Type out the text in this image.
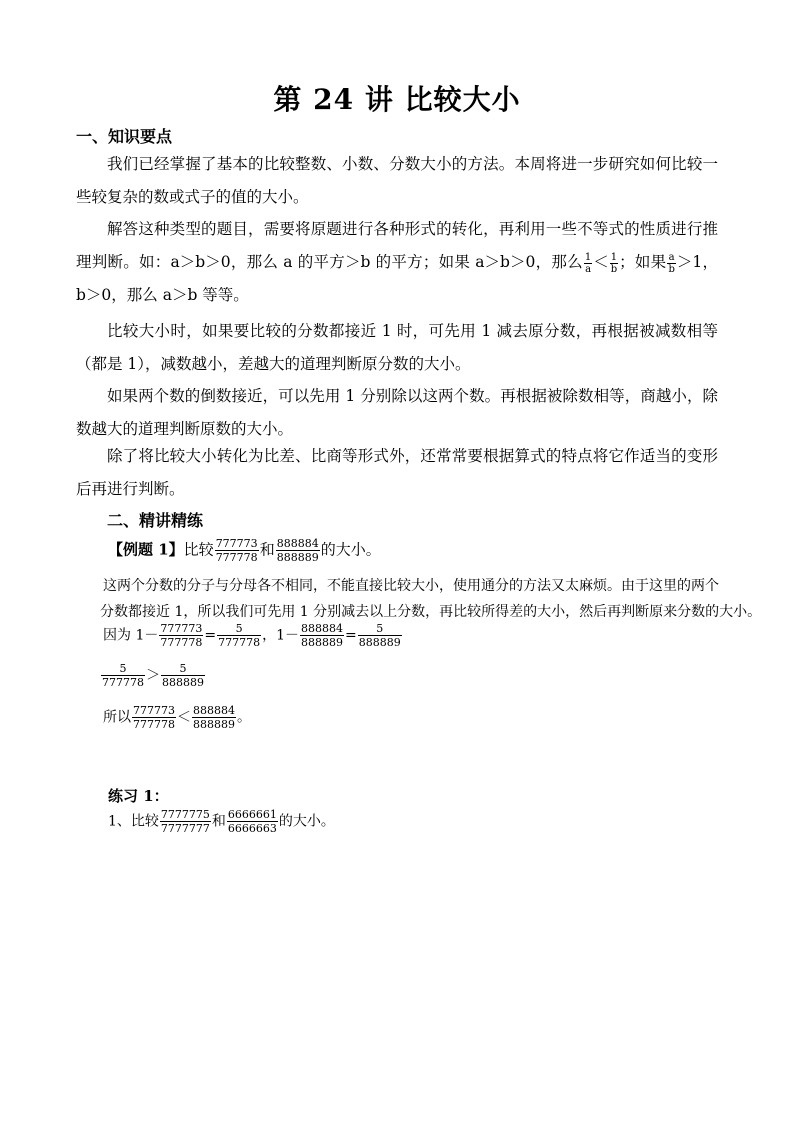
第 24 讲 比较大小
一、知识要点
我们已经掌握了基本的比较整数、小数、分数大小的方法。本周将进一步研究如何比较一些较复杂的数或式子的值的大小。
解答这种类型的题目，需要将原题进行各种形式的转化，再利用一些不等式的性质进行推理判断。如：a＞b＞0，那么 a 的平方＞b 的平方；如果 a＞b＞0，那么 $\frac{1}{a} < \frac{1}{b}$ ；如果 $\frac{a}{b} >1$，b＞0，那么 a＞b 等等。
比较大小时，如果要比较的分数都接近 1 时，可先用 1 减去原分数，再根据被减数相等（都是 1），减数越小，差越大的道理判断原分数的大小。
如果两个数的倒数接近，可以先用 1 分别除以这两个数。再根据被除数相等，商越小，除数越大的道理判断原数的大小。
除了将比较大小转化为比差、比商等形式外，还常常要根据算式的特点将它作适当的变形后再进行判断。
二、精讲精练
【例题 1】比较 $\frac{777773}{777778}$ 和 $\frac{888884}{888889}$ 的大小。

这两个分数的分子与分母各不相同，不能直接比较大小，使用通分的方法又太麻烦。由于这里的两个

分数都接近 1，所以我们可先用 1 分别减去以上分数，再比较所得差的大小，然后再判断原来分数的大小。

因为 $1- \frac{777773}{777778} = \frac{5}{777778}$ ，$1- \frac{888884}{888889} = \frac{5}{888889}$
$\frac{5}{777778} > \frac{5}{888889}$
所以 $\frac{777773}{777778} < \frac{888884}{888889}$ 。
练习 1：
1、比较 $\frac{7777775}{7777777}$ 和 $\frac{6666661}{6666663}$ 的大小。
